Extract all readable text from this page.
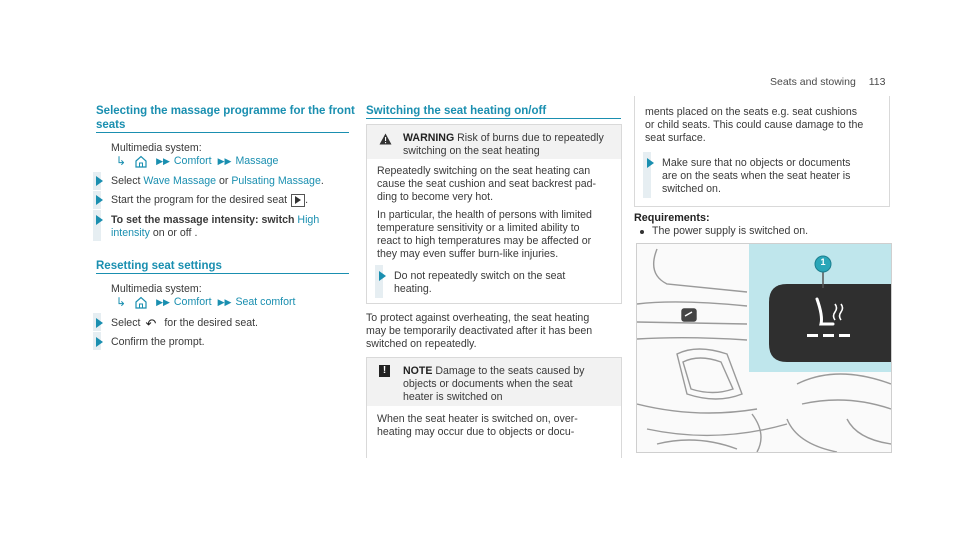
Seats and stowing 113
Selecting the massage programme for the front
seats
Multimedia system:
↳	▶▶ Comfort ▶▶ Massage
Select Wave Massage or Pulsating Massage.
Start the program for the desired seat .
To set the massage intensity: switch High
intensity on or off .
Resetting seat settings
Multimedia system:
↳	▶▶ Comfort ▶▶ Seat comfort
Select ↶ for the desired seat.
Confirm the prompt.
Switching the seat heating on/off
WARNING Risk of burns due to repeatedly
switching on the seat heating
Repeatedly switching on the seat heating can
cause the seat cushion and seat backrest pad-
ding to become very hot.
In particular, the health of persons with limited
temperature sensitivity or a limited ability to
react to high temperatures may be affected or
they may even suffer burn-like injuries.
Do not repeatedly switch on the seat
heating.
To protect against overheating, the seat heating
may be temporarily deactivated after it has been
switched on repeatedly.
!	NOTE Damage to the seats caused by
objects or documents when the seat
heater is switched on
When the seat heater is switched on, over-
heating may occur due to objects or docu-
ments placed on the seats e.g. seat cushions
or child seats. This could cause damage to the
seat surface.
Make sure that no objects or documents
are on the seats when the seat heater is
switched on.
Requirements:
The power supply is switched on.
1
